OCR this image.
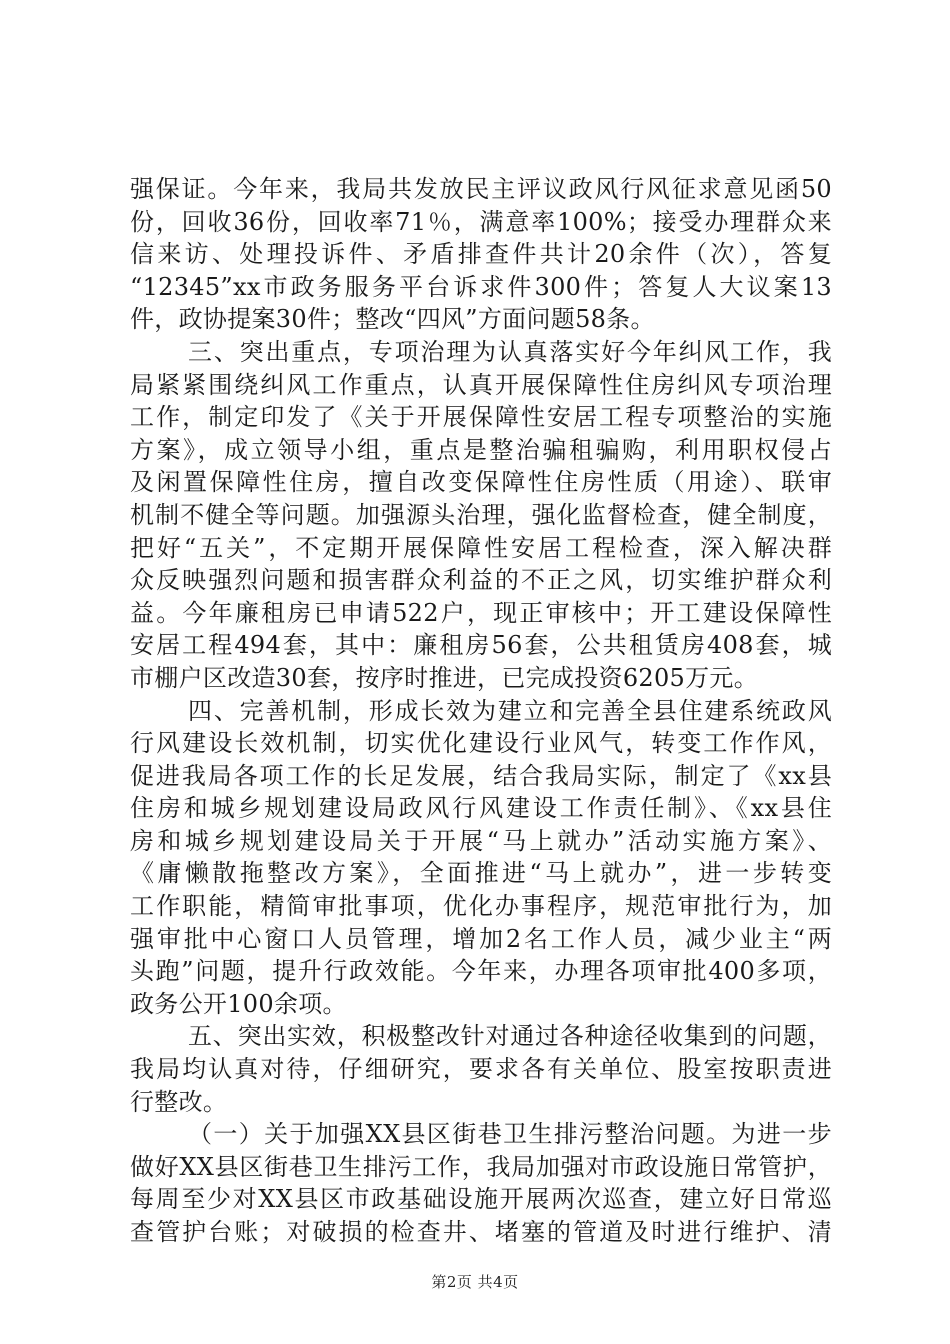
强保证。今年来，我局共发放民主评议政风行风征求意见函50
份，回收36份，回收率71％，满意率100%；接受办理群众来
信来访、处理投诉件、矛盾排查件共计20余件（次），答复
“12345”xx市政务服务平台诉求件300件；答复人大议案13
件，政协提案30件；整改“四风”方面问题58条。
三、突出重点，专项治理为认真落实好今年纠风工作，我
局紧紧围绕纠风工作重点，认真开展保障性住房纠风专项治理
工作，制定印发了《关于开展保障性安居工程专项整治的实施
方案》，成立领导小组，重点是整治骗租骗购，利用职权侵占
及闲置保障性住房，擅自改变保障性住房性质（用途）、联审
机制不健全等问题。加强源头治理，强化监督检查，健全制度，
把好“五关”，不定期开展保障性安居工程检查，深入解决群
众反映强烈问题和损害群众利益的不正之风，切实维护群众利
益。今年廉租房已申请522户，现正审核中；开工建设保障性
安居工程494套，其中：廉租房56套，公共租赁房408套，城
市棚户区改造30套，按序时推进，已完成投资6205万元。
四、完善机制，形成长效为建立和完善全县住建系统政风
行风建设长效机制，切实优化建设行业风气，转变工作作风，
促进我局各项工作的长足发展，结合我局实际，制定了《xx县
住房和城乡规划建设局政风行风建设工作责任制》、《xx县住
房和城乡规划建设局关于开展“马上就办”活动实施方案》、
《庸懒散拖整改方案》，全面推进“马上就办”，进一步转变
工作职能，精简审批事项，优化办事程序，规范审批行为，加
强审批中心窗口人员管理，增加2名工作人员，减少业主“两
头跑”问题，提升行政效能。今年来，办理各项审批400多项，
政务公开100余项。
五、突出实效，积极整改针对通过各种途径收集到的问题，
我局均认真对待，仔细研究，要求各有关单位、股室按职责进
行整改。
（一）关于加强XX县区街巷卫生排污整治问题。为进一步
做好XX县区街巷卫生排污工作，我局加强对市政设施日常管护，
每周至少对XX县区市政基础设施开展两次巡查，建立好日常巡
查管护台账；对破损的检查井、堵塞的管道及时进行维护、清
第2页 共4页
